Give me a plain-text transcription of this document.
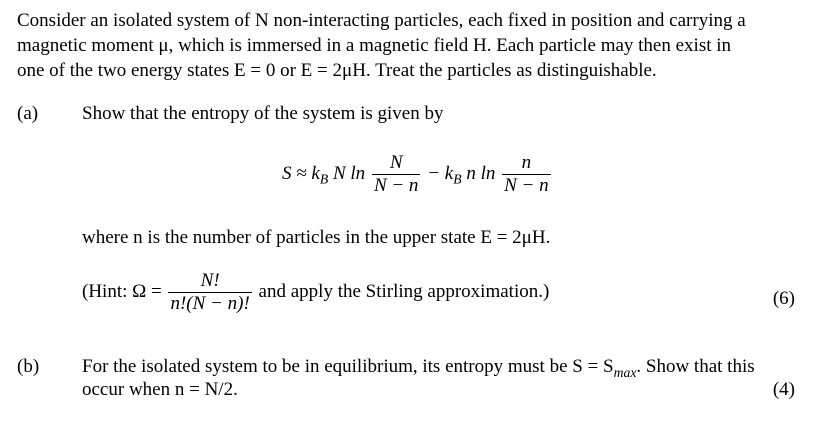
Consider an isolated system of N non-interacting particles, each fixed in position and carrying a
magnetic moment μ, which is immersed in a magnetic field H. Each particle may then exist in
one of the two energy states E = 0 or E = 2μH. Treat the particles as distinguishable.
(a) Show that the entropy of the system is given by
$S \approx k_B$ N $\ln \frac{N}{N - n} - k_B$ n $\ln \frac{n}{N - n}$
where n is the number of particles in the upper state E = 2μH.
(Hint: $\Omega = \frac{N!}{n!(N - n)!}$ and apply the Stirling approximation.)	(6)
(b) For the isolated system to be in equilibrium, its entropy must be $S = S_{max}$. Show that this
occur when n = N/2.	(4)
